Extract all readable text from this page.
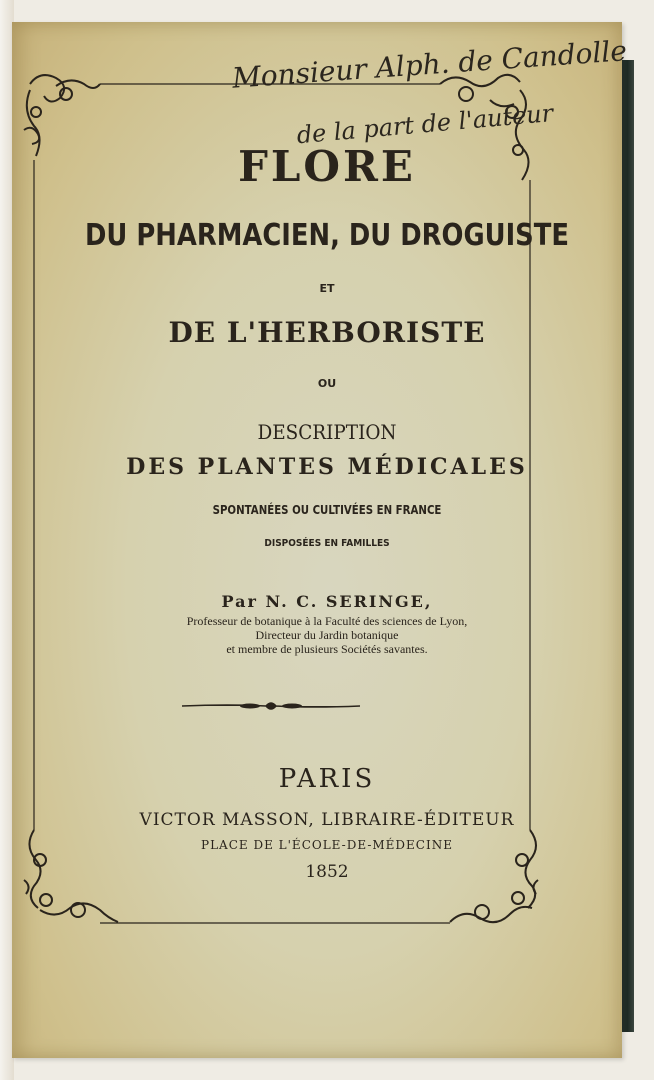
Monsieur Alph. de Candolle
de la part de l'auteur
FLORE
DU PHARMACIEN, DU DROGUISTE
ET
DE L'HERBORISTE
OU
DESCRIPTION
DES PLANTES MÉDICALES
SPONTANÉES OU CULTIVÉES EN FRANCE
DISPOSÉES EN FAMILLES
Par N. C. SERINGE,
Professeur de botanique à la Faculté des sciences de Lyon,
Directeur du Jardin botanique
et membre de plusieurs Sociétés savantes.
PARIS
VICTOR MASSON, LIBRAIRE-ÉDITEUR
PLACE DE L'ÉCOLE-DE-MÉDECINE
1852
